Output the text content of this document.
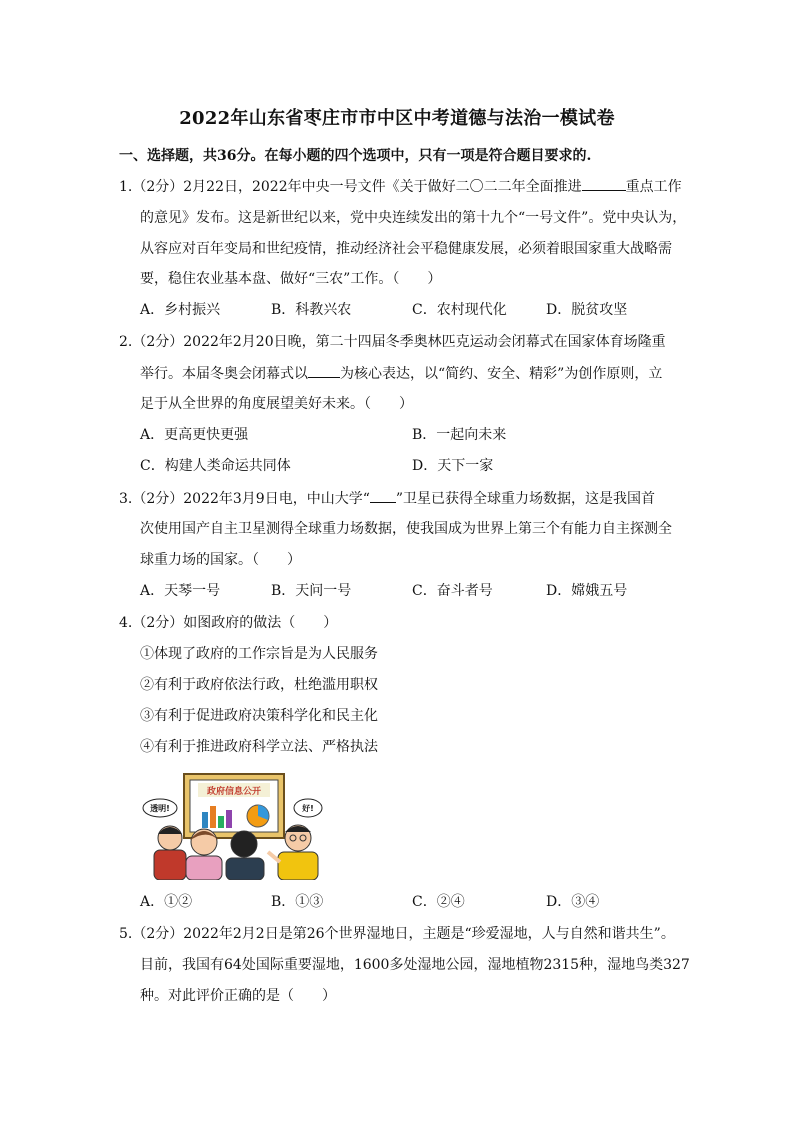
2022年山东省枣庄市市中区中考道德与法治一模试卷
一、选择题，共36分。在每小题的四个选项中，只有一项是符合题目要求的.
1.（2分）2月22日，2022年中央一号文件《关于做好二〇二二年全面推进	重点工作
的意见》发布。这是新世纪以来，党中央连续发出的第十九个“一号文件”。党中央认为，
从容应对百年变局和世纪疫情，推动经济社会平稳健康发展，必须着眼国家重大战略需
要，稳住农业基本盘、做好“三农”工作。（　　）
A．乡村振兴	B．科教兴农	C．农村现代化	D．脱贫攻坚
2.（2分）2022年2月20日晚，第二十四届冬季奥林匹克运动会闭幕式在国家体育场隆重
举行。本届冬奥会闭幕式以 为核心表达，以“简约、安全、精彩”为创作原则，立
足于从全世界的角度展望美好未来。（　　）
A．更高更快更强	B．一起向未来
C．构建人类命运共同体	D．天下一家
3.（2分）2022年3月9日电，中山大学“ ”卫星已获得全球重力场数据，这是我国首
次使用国产自主卫星测得全球重力场数据，使我国成为世界上第三个有能力自主探测全
球重力场的国家。（　　）
A．天琴一号	B．天问一号	C．奋斗者号	D．嫦娥五号
4.（2分）如图政府的做法（　　）
①体现了政府的工作宗旨是为人民服务
②有利于政府依法行政，杜绝滥用职权
③有利于促进政府决策科学化和民主化
④有利于推进政府科学立法、严格执法
政府信息公开
透明!	好!
A．①②	B．①③	C．②④	D．③④
5.（2分）2022年2月2日是第26个世界湿地日，主题是“珍爱湿地，人与自然和谐共生”。
目前，我国有64处国际重要湿地，1600多处湿地公园，湿地植物2315种，湿地鸟类327
种。对此评价正确的是（　　）
